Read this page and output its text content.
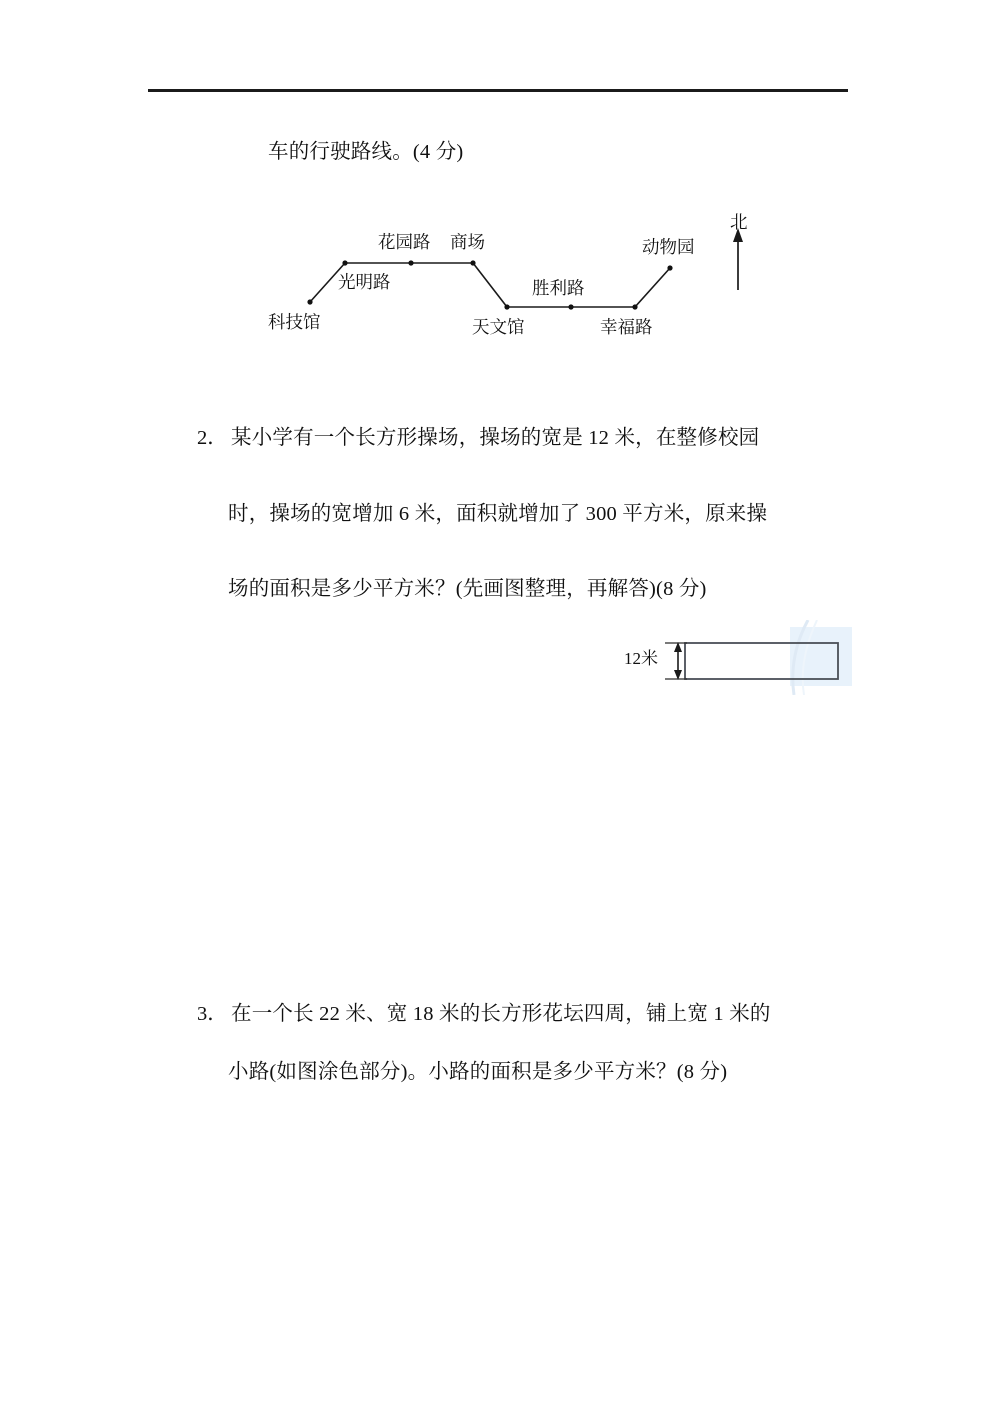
车的行驶路线。(4 分)
科技馆
光明路
花园路 商场
天文馆
胜利路
幸福路
动物园
北
2． 某小学有一个长方形操场，操场的宽是 12 米，在整修校园
时，操场的宽增加 6 米，面积就增加了 300 平方米，原来操
场的面积是多少平方米？(先画图整理，再解答)(8 分)
12米
3． 在一个长 22 米、宽 18 米的长方形花坛四周，铺上宽 1 米的
小路(如图涂色部分)。小路的面积是多少平方米？(8 分)
